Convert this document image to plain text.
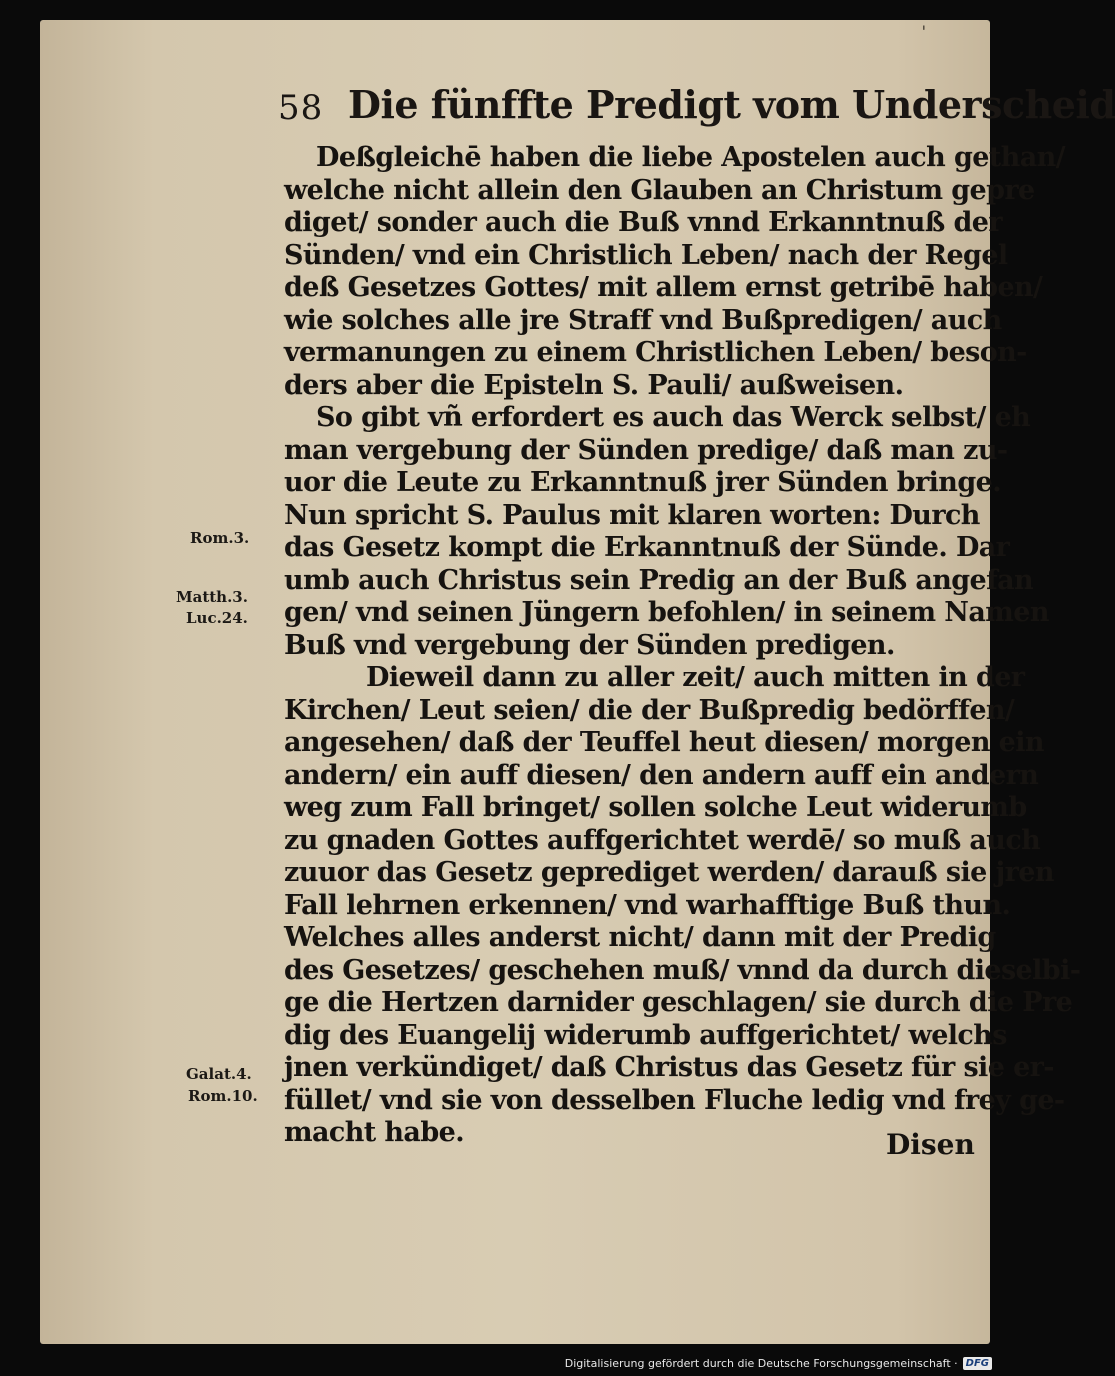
'
58 Die fünffte Predigt vom Underscheid
Rom.3.
Matth.3.
Luc.24.
Galat.4.
Rom.10.
Deßgleichē haben die liebe Apostelen auch gethan/
welche nicht allein den Glauben an Christum gepre
diget/ sonder auch die Buß vnnd Erkanntnuß der
Sünden/ vnd ein Christlich Leben/ nach der Regel
deß Gesetzes Gottes/ mit allem ernst getribē haben/
wie solches alle jre Straff vnd Bußpredigen/ auch
vermanungen zu einem Christlichen Leben/ beson-
ders aber die Episteln S. Pauli/ außweisen.
So gibt vñ erfordert es auch das Werck selbst/ eh
man vergebung der Sünden predige/ daß man zu-
uor die Leute zu Erkanntnuß jrer Sünden bringe.
Nun spricht S. Paulus mit klaren worten: Durch
das Gesetz kompt die Erkanntnuß der Sünde. Dar
umb auch Christus sein Predig an der Buß angefan
gen/ vnd seinen Jüngern befohlen/ in seinem Namen
Buß vnd vergebung der Sünden predigen.
Dieweil dann zu aller zeit/ auch mitten in der
Kirchen/ Leut seien/ die der Bußpredig bedörffen/
angesehen/ daß der Teuffel heut diesen/ morgen ein
andern/ ein auff diesen/ den andern auff ein andern
weg zum Fall bringet/ sollen solche Leut widerumb
zu gnaden Gottes auffgerichtet werdē/ so muß auch
zuuor das Gesetz geprediget werden/ darauß sie jren
Fall lehrnen erkennen/ vnd warhafftige Buß thun.
Welches alles anderst nicht/ dann mit der Predig
des Gesetzes/ geschehen muß/ vnnd da durch dieselbi-
ge die Hertzen darnider geschlagen/ sie durch die Pre
dig des Euangelij widerumb auffgerichtet/ welchs
jnen verkündiget/ daß Christus das Gesetz für sie er-
füllet/ vnd sie von desselben Fluche ledig vnd frey ge-
macht habe.	Disen
Digitalisierung gefördert durch die Deutsche Forschungsgemeinschaft · DFG
